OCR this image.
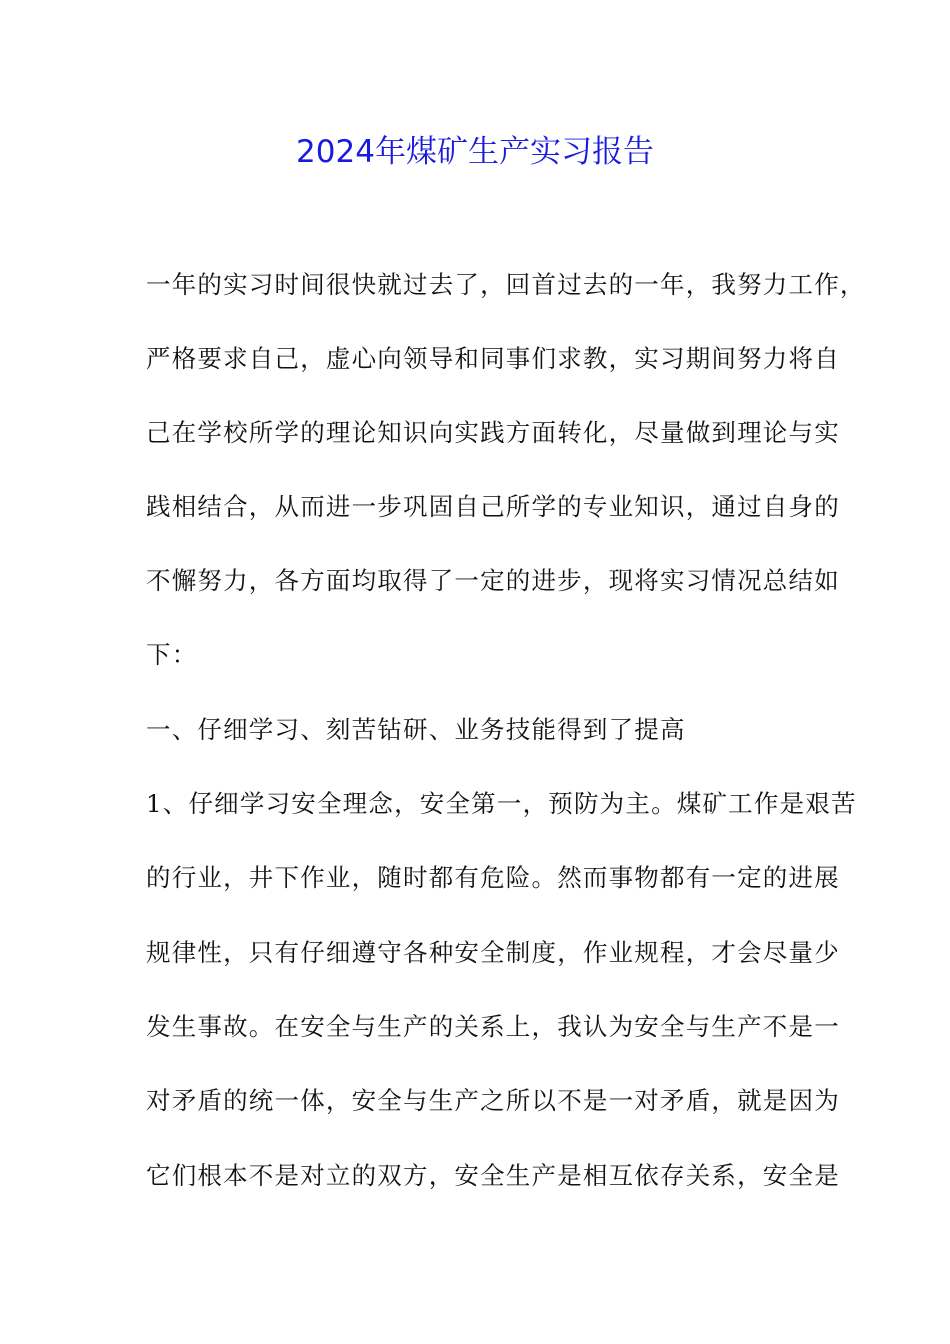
2024年煤矿生产实习报告

一年的实习时间很快就过去了，回首过去的一年，我努力工作，

严格要求自己，虚心向领导和同事们求教，实习期间努力将自

己在学校所学的理论知识向实践方面转化，尽量做到理论与实

践相结合，从而进一步巩固自己所学的专业知识，通过自身的

不懈努力，各方面均取得了一定的进步，现将实习情况总结如

下：

一、仔细学习、刻苦钻研、业务技能得到了提高

1、仔细学习安全理念，安全第一，预防为主。煤矿工作是艰苦

的行业，井下作业，随时都有危险。然而事物都有一定的进展

规律性，只有仔细遵守各种安全制度，作业规程，才会尽量少

发生事故。在安全与生产的关系上，我认为安全与生产不是一

对矛盾的统一体，安全与生产之所以不是一对矛盾，就是因为

它们根本不是对立的双方，安全生产是相互依存关系，安全是
